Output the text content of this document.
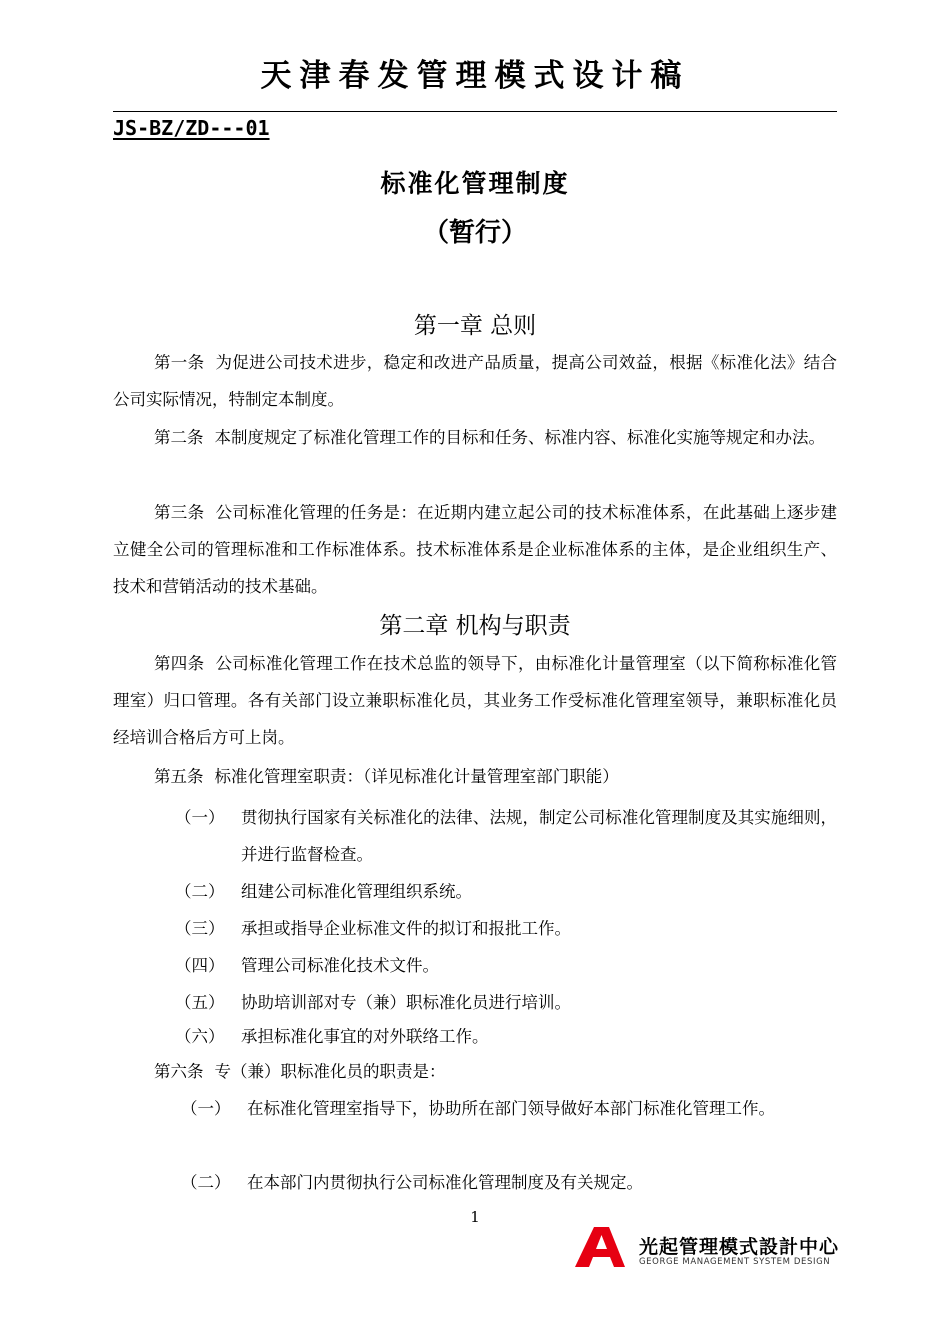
天津春发管理模式设计稿
JS-BZ/ZD---01
标准化管理制度
（暂行）
第一章 总则

第一条 为促进公司技术进步，稳定和改进产品质量，提高公司效益，根据《标准化法》结合公司实际情况，特制定本制度。

第二条 本制度规定了标准化管理工作的目标和任务、标准内容、标准化实施等规定和办法。

第三条 公司标准化管理的任务是：在近期内建立起公司的技术标准体系，在此基础上逐步建立健全公司的管理标准和工作标准体系。技术标准体系是企业标准体系的主体，是企业组织生产、技术和营销活动的技术基础。

第二章 机构与职责

第四条 公司标准化管理工作在技术总监的领导下，由标准化计量管理室（以下简称标准化管理室）归口管理。各有关部门设立兼职标准化员，其业务工作受标准化管理室领导，兼职标准化员经培训合格后方可上岗。

第五条 标准化管理室职责：（详见标准化计量管理室部门职能）

（一） 贯彻执行国家有关标准化的法律、法规，制定公司标准化管理制度及其实施细则，并进行监督检查。
（二） 组建公司标准化管理组织系统。
（三） 承担或指导企业标准文件的拟订和报批工作。
（四） 管理公司标准化技术文件。
（五） 协助培训部对专（兼）职标准化员进行培训。
（六） 承担标准化事宜的对外联络工作。

第六条 专（兼）职标准化员的职责是：

（一） 在标准化管理室指导下，协助所在部门领导做好本部门标准化管理工作。
（二） 在本部门内贯彻执行公司标准化管理制度及有关规定。
1
光起管理模式設計中心
GEORGE MANAGEMENT SYSTEM DESIGN
